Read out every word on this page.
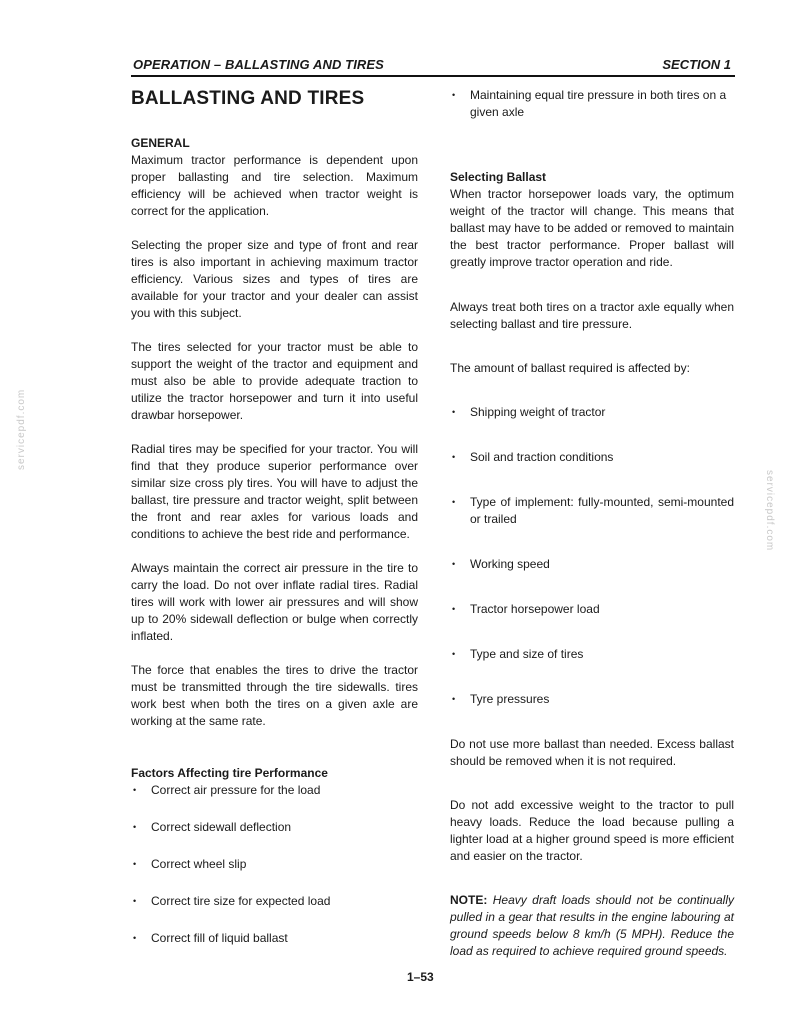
OPERATION – BALLASTING AND TIRES	SECTION 1
servicepdf.com
servicepdf.com
BALLASTING AND TIRES
GENERAL

Maximum tractor performance is dependent upon proper ballasting and tire selection. Maximum efficiency will be achieved when tractor weight is correct for the application.

Selecting the proper size and type of front and rear tires is also important in achieving maximum tractor efficiency. Various sizes and types of tires are available for your tractor and your dealer can assist you with this subject.

The tires selected for your tractor must be able to support the weight of the tractor and equipment and must also be able to provide adequate traction to utilize the tractor horsepower and turn it into useful drawbar horsepower.

Radial tires may be specified for your tractor. You will find that they produce superior performance over similar size cross ply tires. You will have to adjust the ballast, tire pressure and tractor weight, split between the front and rear axles for various loads and conditions to achieve the best ride and performance.

Always maintain the correct air pressure in the tire to carry the load. Do not over inflate radial tires. Radial tires will work with lower air pressures and will show up to 20% sidewall deflection or bulge when correctly inflated.

The force that enables the tires to drive the tractor must be transmitted through the tire sidewalls. tires work best when both the tires on a given axle are working at the same rate.

Factors Affecting tire Performance
• Correct air pressure for the load
• Correct sidewall deflection
• Correct wheel slip
• Correct tire size for expected load
• Correct fill of liquid ballast
• Maintaining equal tire pressure in both tires on a given axle
Selecting Ballast

When tractor horsepower loads vary, the optimum weight of the tractor will change. This means that ballast may have to be added or removed to maintain the best tractor performance. Proper ballast will greatly improve tractor operation and ride.

Always treat both tires on a tractor axle equally when selecting ballast and tire pressure.

The amount of ballast required is affected by:

• Shipping weight of tractor
• Soil and traction conditions
• Type of implement: fully-mounted, semi-mounted or trailed
• Working speed
• Tractor horsepower load
• Type and size of tires
• Tyre pressures

Do not use more ballast than needed. Excess ballast should be removed when it is not required.

Do not add excessive weight to the tractor to pull heavy loads. Reduce the load because pulling a lighter load at a higher ground speed is more efficient and easier on the tractor.

NOTE: Heavy draft loads should not be continually pulled in a gear that results in the engine labouring at ground speeds below 8 km/h (5 MPH). Reduce the load as required to achieve required ground speeds.

1–53
